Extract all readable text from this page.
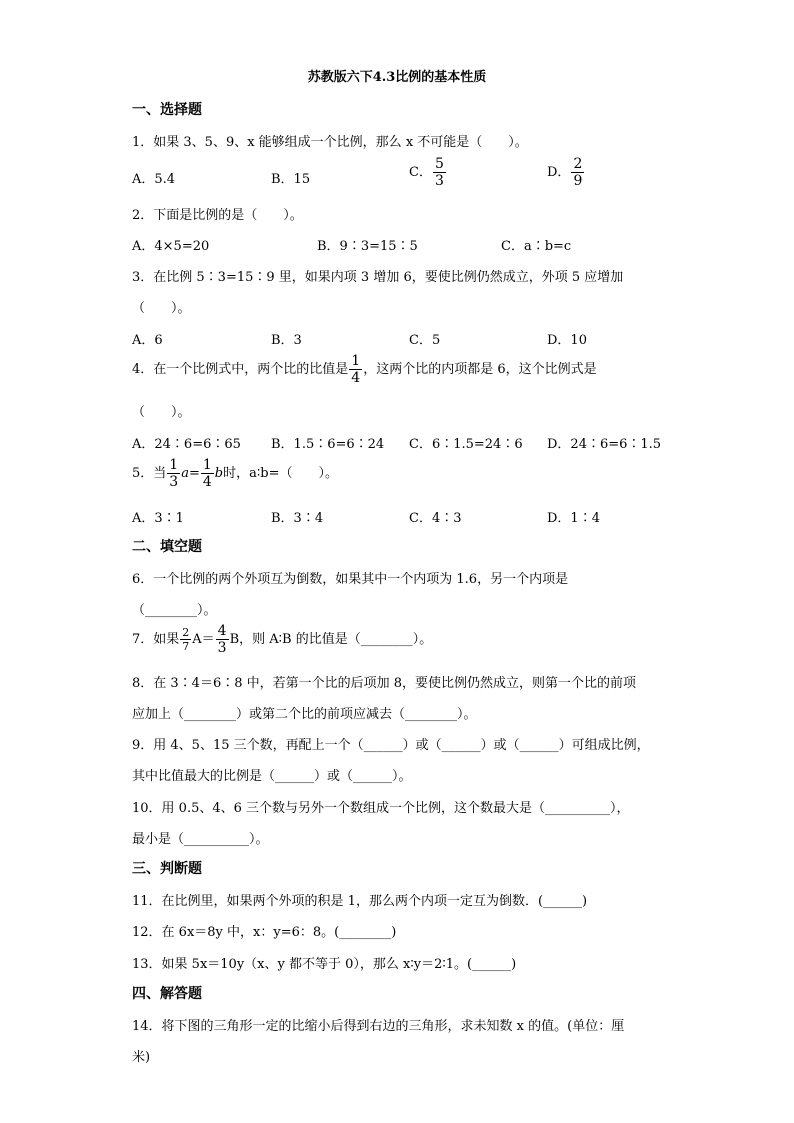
苏教版六下4.3比例的基本性质
一、选择题
1．如果 3、5、9、x 能够组成一个比例，那么 x 不可能是（　　）。
A．5.4	B．15	C． $\frac{5}{3}$	D． $\frac{2}{9}$
2．下面是比例的是（　　）。
A．4×5=20	B．9∶3=15∶5	C．a∶b=c
3．在比例 5∶3=15∶9 里，如果内项 3 增加 6，要使比例仍然成立，外项 5 应增加
（　　）。
A．6	B．3	C．5	D．10
4．在一个比例式中，两个比的比值是 $\frac{1}{4}$ ，这两个比的内项都是 6，这个比例式是
（　　）。
A．24∶6=6∶65 B．1.5∶6=6∶24 C．6∶1.5=24∶6 D．24∶6=6∶1.5
5．当 $\frac{1}{3} a= \frac{1}{4}$ b时，a∶b=（　　）。
A．3∶1	B．3∶4	C．4∶3	D．1∶4
二、填空题
6．一个比例的两个外项互为倒数，如果其中一个内项为 1.6，另一个内项是
（________）。
7．如果 $\frac{2}{7} A= \frac{4}{3}$ B，则 A∶B 的比值是（________）。
8．在 3∶4＝6∶8 中，若第一个比的后项加 8，要使比例仍然成立，则第一个比的前项
应加上（________）或第二个比的前项应减去（________）。
9．用 4、5、15 三个数，再配上一个（______）或（______）或（______）可组成比例，
其中比值最大的比例是（______）或（______）。
10．用 0.5、4、6 三个数与另外一个数组成一个比例，这个数最大是（__________），
最小是（__________）。
三、判断题
11．在比例里，如果两个外项的积是 1，那么两个内项一定互为倒数．(______)
12．在 6x＝8y 中，x：y=6：8。(________)
13．如果 5x＝10y（x、y 都不等于 0），那么 x∶y＝2∶1。(______)
四、解答题
14．将下图的三角形一定的比缩小后得到右边的三角形，求未知数 x 的值。(单位：厘
米)
